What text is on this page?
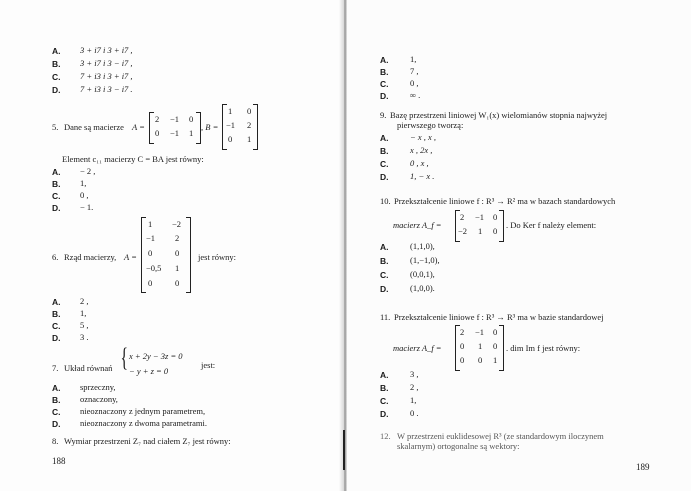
A. 3 + i7 i 3 + i7 ,
B. 3 + i7 i 3 − i7 ,
C. 7 + i3 i 3 + i7 ,
D. 7 + i3 i 3 − i7 .
5. Dane są macierze A =
2 −1 0
0 −1 1
, B =
1 0
−1 2
0 1
Element c₁₁ macierzy C = BA jest równy:
A. − 2 ,
B. 1,
C. 0 ,
D. − 1.
6. Rząd macierzy, A =
1 −2
−1 2
0	0
−0,5 1
0	0
jest równy:
A. 2 ,
B. 1,
C. 5 ,
D. 3 .
7. Układ równań { x + 2y − 3z = 0
− y + z = 0
jest:
A. sprzeczny,
B. oznaczony,
C. nieoznaczony z jednym parametrem,
D. nieoznaczony z dwoma parametrami.
8. Wymiar przestrzeni Z₇ nad ciałem Z₇ jest równy:
188
A.	1,
B.	7 ,
C.	0 ,
D.	∞ .
9. Bazę przestrzeni liniowej W₁(x) wielomianów stopnia najwyżej
pierwszego tworzą:
A.	− x , x ,
B.	x , 2x ,
C.	0 , x ,
D.	1, − x .
10. Przekształcenie liniowe f : R³ → R² ma w bazach standardowych
macierz A_f =
2 −1 0
−2 1 0
. Do Ker f należy element:
A.	(1,1,0),
B.	(1,−1,0),
C.	(0,0,1),
D.	(1,0,0).
11. Przekształcenie liniowe f : R³ → R³ ma w bazie standardowej
macierz A_f =
2 −1 0
0 1 0
0 0 1
. dim Im f jest równy:
A.	3 ,
B.	2 ,
C.	1,
D.	0 .
12. W przestrzeni euklidesowej R³ (ze standardowym iloczynem
skalarnym) ortogonalne są wektory:
189
